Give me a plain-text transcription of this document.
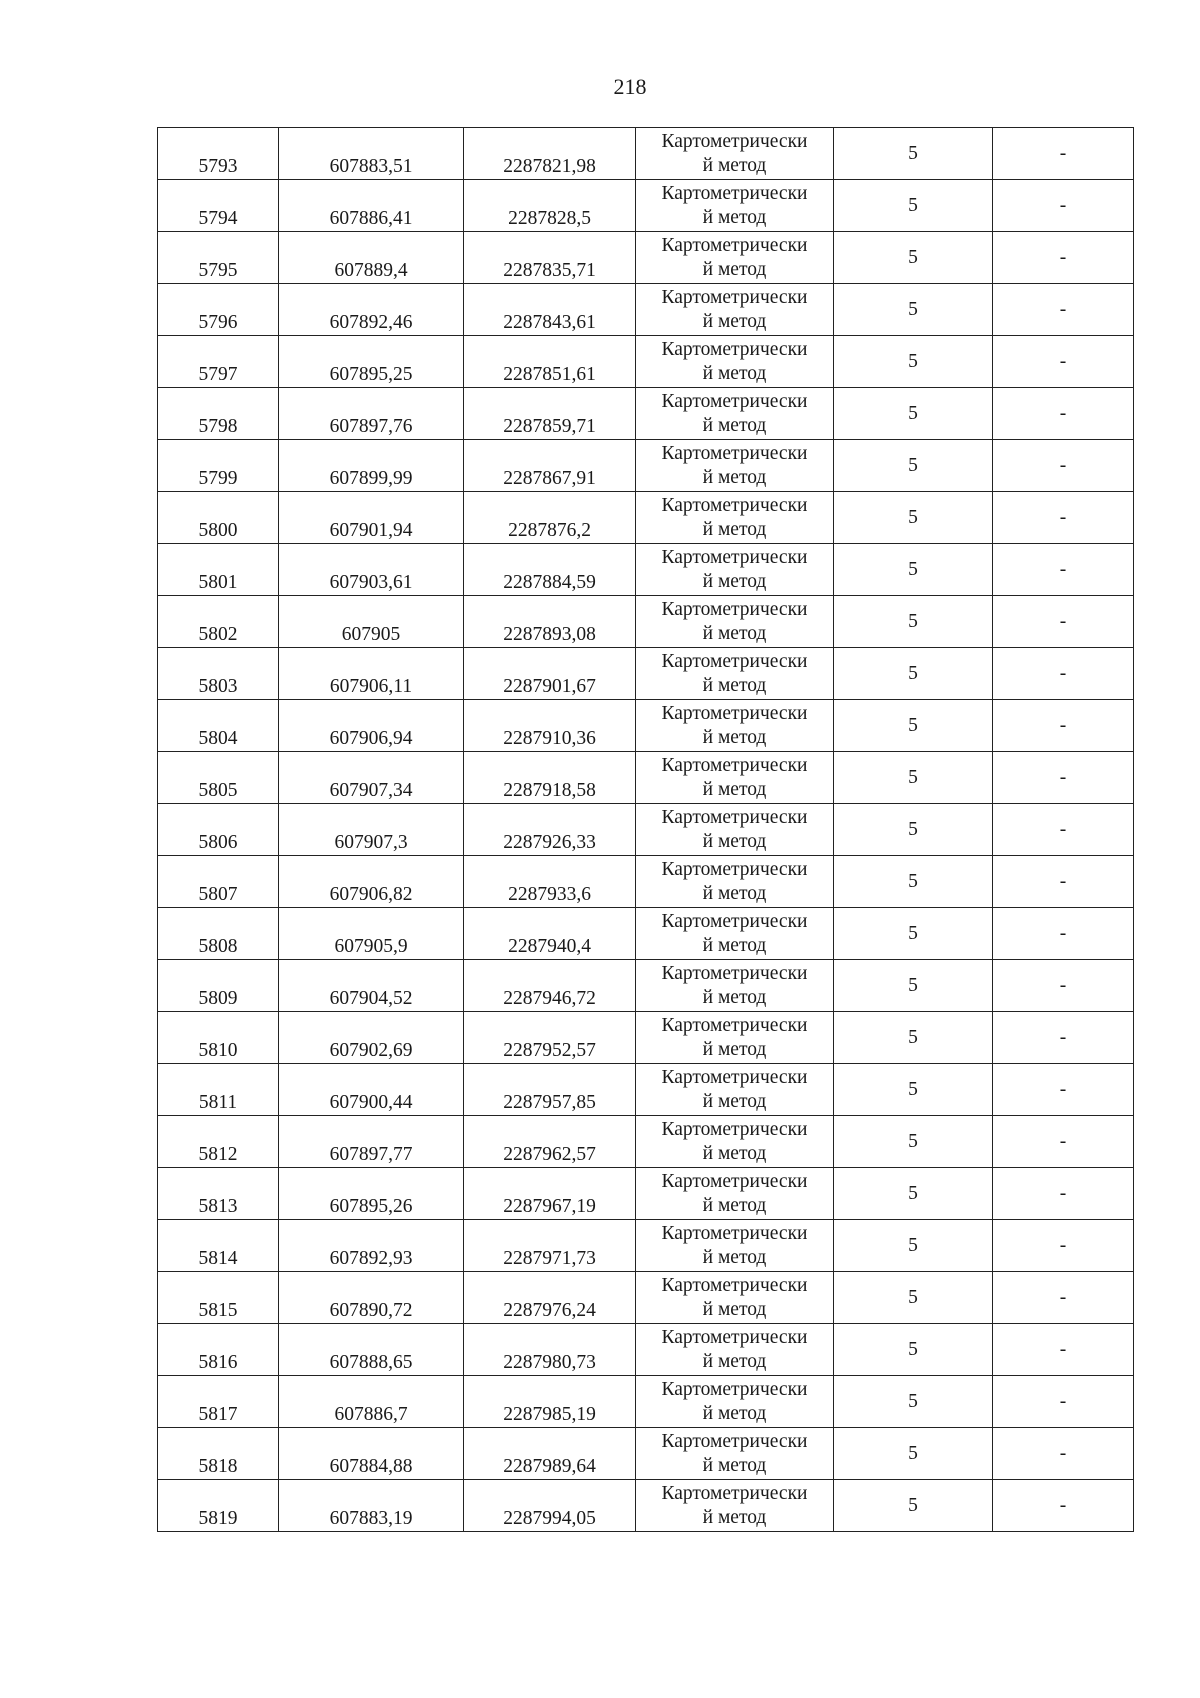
218
5793	607883,51	2287821,98	Картометрически
й метод	5	-
5794	607886,41	2287828,5	Картометрически
й метод	5	-
5795	607889,4	2287835,71	Картометрически
й метод	5	-
5796	607892,46	2287843,61	Картометрически
й метод	5	-
5797	607895,25	2287851,61	Картометрически
й метод	5	-
5798	607897,76	2287859,71	Картометрически
й метод	5	-
5799	607899,99	2287867,91	Картометрически
й метод	5	-
5800	607901,94	2287876,2	Картометрически
й метод	5	-
5801	607903,61	2287884,59	Картометрически
й метод	5	-
5802	607905	2287893,08	Картометрически
й метод	5	-
5803	607906,11	2287901,67	Картометрически
й метод	5	-
5804	607906,94	2287910,36	Картометрически
й метод	5	-
5805	607907,34	2287918,58	Картометрически
й метод	5	-
5806	607907,3	2287926,33	Картометрически
й метод	5	-
5807	607906,82	2287933,6	Картометрически
й метод	5	-
5808	607905,9	2287940,4	Картометрически
й метод	5	-
5809	607904,52	2287946,72	Картометрически
й метод	5	-
5810	607902,69	2287952,57	Картометрически
й метод	5	-
5811	607900,44	2287957,85	Картометрически
й метод	5	-
5812	607897,77	2287962,57	Картометрически
й метод	5	-
5813	607895,26	2287967,19	Картометрически
й метод	5	-
5814	607892,93	2287971,73	Картометрически
й метод	5	-
5815	607890,72	2287976,24	Картометрически
й метод	5	-
5816	607888,65	2287980,73	Картометрически
й метод	5	-
5817	607886,7	2287985,19	Картометрически
й метод	5	-
5818	607884,88	2287989,64	Картометрически
й метод	5	-
5819	607883,19	2287994,05	Картометрически
й метод	5	-
